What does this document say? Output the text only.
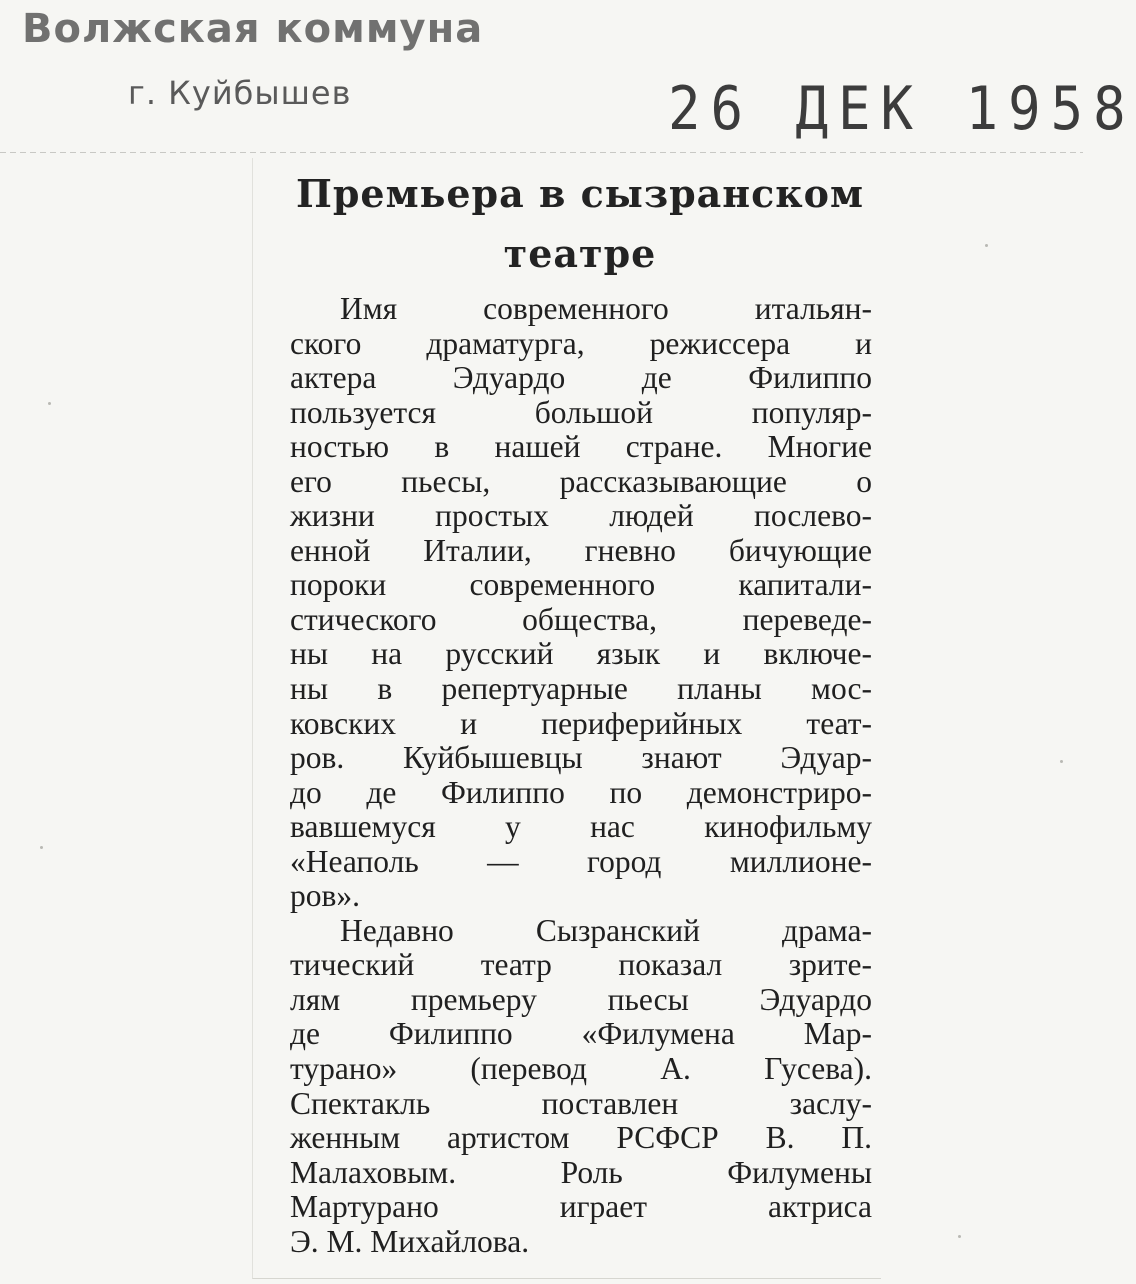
Волжская коммуна
г. Куйбышев	26 ДЕК 1958
Премьера в сызранском
театре
Имя современного итальян-
ского драматурга, режиссера и
актера Эдуардо де Филиппо
пользуется большой популяр-
ностью в нашей стране. Многие
его пьесы, рассказывающие о
жизни простых людей послево-
енной Италии, гневно бичующие
пороки современного капитали-
стического общества, переведе-
ны на русский язык и включе-
ны в репертуарные планы мос-
ковских и периферийных теат-
ров. Куйбышевцы знают Эдуар-
до де Филиппо по демонстриро-
вавшемуся у нас кинофильму
«Неаполь — город миллионе-
ров».
Недавно Сызранский драма-
тический театр показал зрите-
лям премьеру пьесы Эдуардо
де Филиппо «Филумена Мар-
турано» (перевод А. Гусева).
Спектакль поставлен заслу-
женным артистом РСФСР В. П.
Малаховым. Роль Филумены
Мартурано играет актриса
Э. М. Михайлова.
